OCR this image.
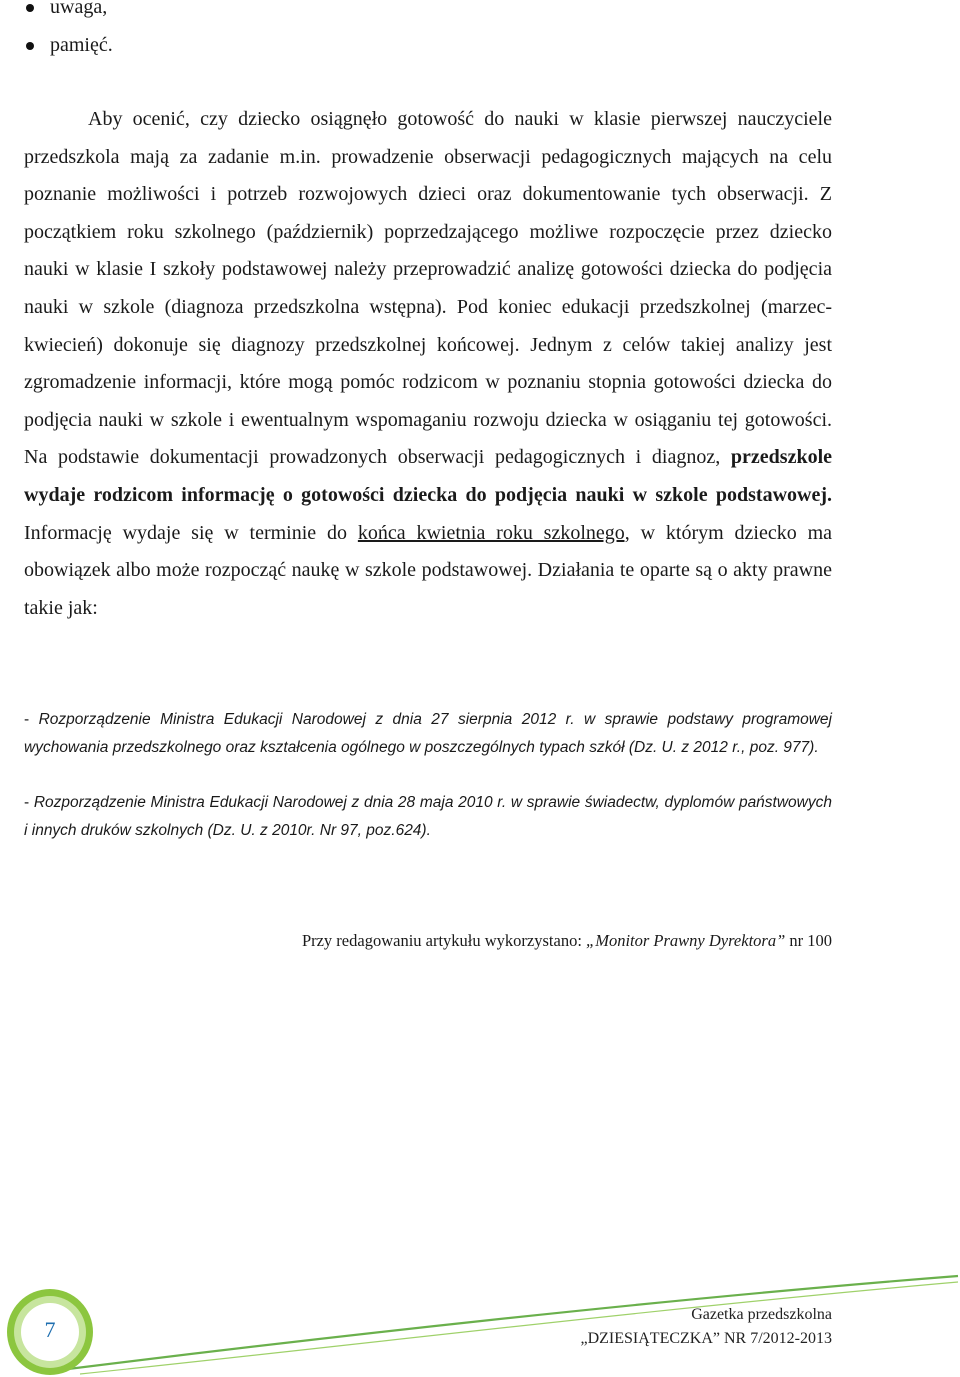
uwaga,
pamięć.

Aby ocenić, czy dziecko osiągnęło gotowość do nauki w klasie pierwszej nauczyciele przedszkola mają za zadanie m.in. prowadzenie obserwacji pedagogicznych mających na celu poznanie możliwości i potrzeb rozwojowych dzieci oraz dokumentowanie tych obserwacji. Z początkiem roku szkolnego (październik) poprzedzającego możliwe rozpoczęcie przez dziecko nauki w klasie I szkoły podstawowej należy przeprowadzić analizę gotowości dziecka do podjęcia nauki w szkole (diagnoza przedszkolna wstępna). Pod koniec edukacji przedszkolnej (marzec-kwiecień) dokonuje się diagnozy przedszkolnej końcowej. Jednym z celów takiej analizy jest zgromadzenie informacji, które mogą pomóc rodzicom w poznaniu stopnia gotowości dziecka do podjęcia nauki w szkole i ewentualnym wspomaganiu rozwoju dziecka w osiąganiu tej gotowości. Na podstawie dokumentacji prowadzonych obserwacji pedagogicznych i diagnoz, przedszkole wydaje rodzicom informację o gotowości dziecka do podjęcia nauki w szkole podstawowej. Informację wydaje się w terminie do końca kwietnia roku szkolnego, w którym dziecko ma obowiązek albo może rozpocząć naukę w szkole podstawowej. Działania te oparte są o akty prawne takie jak:

- Rozporządzenie Ministra Edukacji Narodowej z dnia 27 sierpnia 2012 r. w sprawie podstawy programowej wychowania przedszkolnego oraz kształcenia ogólnego w poszczególnych typach szkół (Dz. U. z 2012 r., poz. 977).

- Rozporządzenie Ministra Edukacji Narodowej z dnia 28 maja 2010 r. w sprawie świadectw, dyplomów państwowych i innych druków szkolnych (Dz. U. z 2010r. Nr 97, poz.624).

Przy redagowaniu artykułu wykorzystano: „Monitor Prawny Dyrektora” nr 100
7
Gazetka przedszkolna
„DZIESIĄTECZKA” NR 7/2012-2013
